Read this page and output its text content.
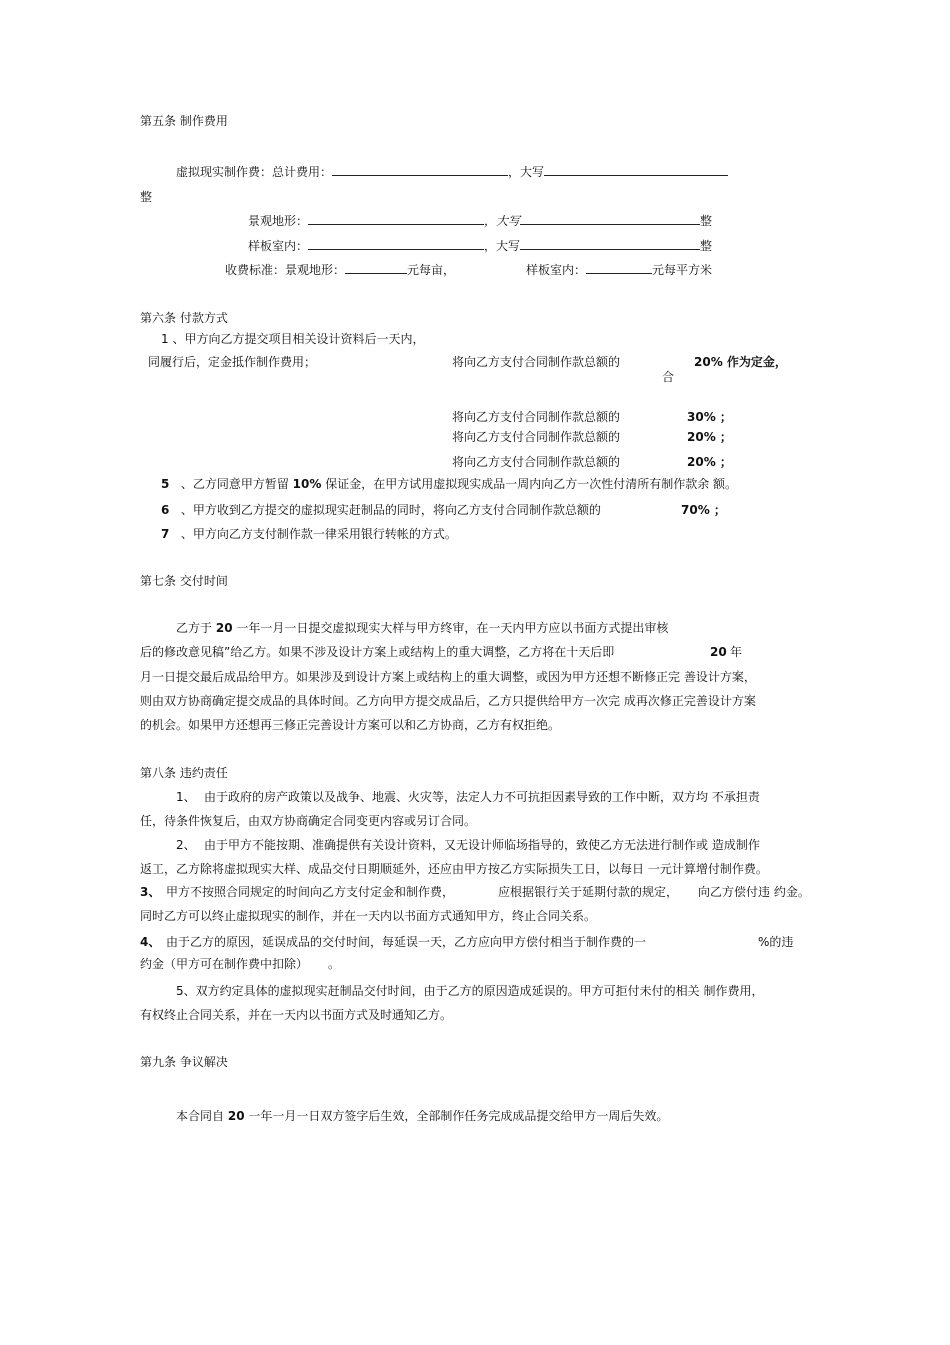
第五条 制作费用
虚拟现实制作费：总计费用：	，大写
整
景观地形：	，大写	整
样板室内：	，大写	整
收费标准：景观地形：	元每亩，	样板室内：	元每平方米
第六条 付款方式
1 、甲方向乙方提交项目相关设计资料后一天内，
同履行后，定金抵作制作费用；	将向乙方支付合同制作款总额的	20% 作为定金，
合
将向乙方支付合同制作款总额的	30% ；
将向乙方支付合同制作款总额的	20% ；
将向乙方支付合同制作款总额的	20% ；
5 、乙方同意甲方暂留 10% 保证金，在甲方试用虚拟现实成品一周内向乙方一次性付清所有制作款余 额。
6 、甲方收到乙方提交的虚拟现实赶制品的同时，将向乙方支付合同制作款总额的	70% ；
7 、甲方向乙方支付制作款一律采用银行转帐的方式。
第七条 交付时间
乙方于 20 一年一月一日提交虚拟现实大样与甲方终审，在一天内甲方应以书面方式提出审核
后的修改意见稿”给乙方。如果不涉及设计方案上或结构上的重大调整，乙方将在十天后即	20 年
月一日提交最后成品给甲方。如果涉及到设计方案上或结构上的重大调整，或因为甲方还想不断修正完 善设计方案，
则由双方协商确定提交成品的具体时间。乙方向甲方提交成品后，乙方只提供给甲方一次完 成再次修正完善设计方案
的机会。如果甲方还想再三修正完善设计方案可以和乙方协商，乙方有权拒绝。
第八条 违约责任
1、 由于政府的房产政策以及战争、地震、火灾等，法定人力不可抗拒因素导致的工作中断，双方均 不承担责
任，待条件恢复后，由双方协商确定合同变更内容或另订合同。
2、 由于甲方不能按期、准确提供有关设计资料，又无设计师临场指导的，致使乙方无法进行制作或 造成制作
返工，乙方除将虚拟现实大样、成品交付日期顺延外，还应由甲方按乙方实际损失工日，以每日 一元计算增付制作费。
3、 甲方不按照合同规定的时间向乙方支付定金和制作费，	应根据银行关于延期付款的规定， 向乙方偿付违 约金。
同时乙方可以终止虚拟现实的制作，并在一天内以书面方式通知甲方，终止合同关系。
4、 由于乙方的原因，延误成品的交付时间，每延误一天，乙方应向甲方偿付相当于制作费的一	%的违
约金（甲方可在制作费中扣除） 。
5、双方约定具体的虚拟现实赶制品交付时间，由于乙方的原因造成延误的。甲方可拒付未付的相关 制作费用，
有权终止合同关系，并在一天内以书面方式及时通知乙方。
第九条 争议解决
本合同自 20 一年一月一日双方签字后生效，全部制作任务完成成品提交给甲方一周后失效。
